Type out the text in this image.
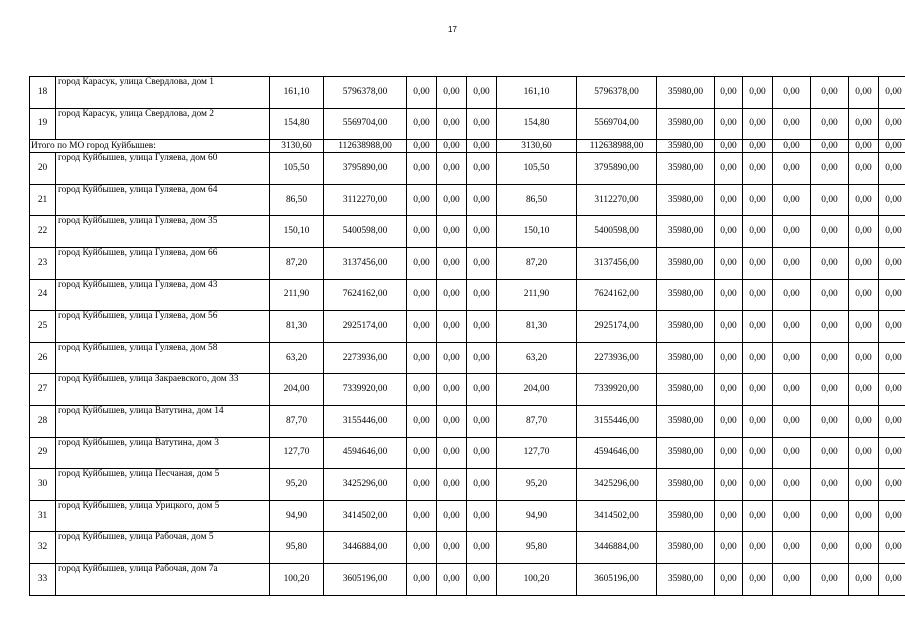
17
18	город Карасук, улица Свердлова, дом 1	161,10	5796378,00	0,00	0,00	0,00	161,10	5796378,00	35980,00	0,00	0,00	0,00	0,00	0,00	0,00
19	город Карасук, улица Свердлова, дом 2	154,80	5569704,00	0,00	0,00	0,00	154,80	5569704,00	35980,00	0,00	0,00	0,00	0,00	0,00	0,00
Итого по МО город Куйбышев:		3130,60	112638988,00	0,00	0,00	0,00	3130,60	112638988,00	35980,00	0,00	0,00	0,00	0,00	0,00	0,00
20	город Куйбышев, улица Гуляева, дом 60	105,50	3795890,00	0,00	0,00	0,00	105,50	3795890,00	35980,00	0,00	0,00	0,00	0,00	0,00	0,00
21	город Куйбышев, улица Гуляева, дом 64	86,50	3112270,00	0,00	0,00	0,00	86,50	3112270,00	35980,00	0,00	0,00	0,00	0,00	0,00	0,00
22	город Куйбышев, улица Гуляева, дом 35	150,10	5400598,00	0,00	0,00	0,00	150,10	5400598,00	35980,00	0,00	0,00	0,00	0,00	0,00	0,00
23	город Куйбышев, улица Гуляева, дом 66	87,20	3137456,00	0,00	0,00	0,00	87,20	3137456,00	35980,00	0,00	0,00	0,00	0,00	0,00	0,00
24	город Куйбышев, улица Гуляева, дом 43	211,90	7624162,00	0,00	0,00	0,00	211,90	7624162,00	35980,00	0,00	0,00	0,00	0,00	0,00	0,00
25	город Куйбышев, улица Гуляева, дом 56	81,30	2925174,00	0,00	0,00	0,00	81,30	2925174,00	35980,00	0,00	0,00	0,00	0,00	0,00	0,00
26	город Куйбышев, улица Гуляева, дом 58	63,20	2273936,00	0,00	0,00	0,00	63,20	2273936,00	35980,00	0,00	0,00	0,00	0,00	0,00	0,00
27	город Куйбышев, улица Закраевского, дом 33	204,00	7339920,00	0,00	0,00	0,00	204,00	7339920,00	35980,00	0,00	0,00	0,00	0,00	0,00	0,00
28	город Куйбышев, улица Ватутина, дом 14	87,70	3155446,00	0,00	0,00	0,00	87,70	3155446,00	35980,00	0,00	0,00	0,00	0,00	0,00	0,00
29	город Куйбышев, улица Ватутина, дом 3	127,70	4594646,00	0,00	0,00	0,00	127,70	4594646,00	35980,00	0,00	0,00	0,00	0,00	0,00	0,00
30	город Куйбышев, улица Песчаная, дом 5	95,20	3425296,00	0,00	0,00	0,00	95,20	3425296,00	35980,00	0,00	0,00	0,00	0,00	0,00	0,00
31	город Куйбышев, улица Урицкого, дом 5	94,90	3414502,00	0,00	0,00	0,00	94,90	3414502,00	35980,00	0,00	0,00	0,00	0,00	0,00	0,00
32	город Куйбышев, улица Рабочая, дом 5	95,80	3446884,00	0,00	0,00	0,00	95,80	3446884,00	35980,00	0,00	0,00	0,00	0,00	0,00	0,00
33	город Куйбышев, улица Рабочая, дом 7а	100,20	3605196,00	0,00	0,00	0,00	100,20	3605196,00	35980,00	0,00	0,00	0,00	0,00	0,00	0,00
